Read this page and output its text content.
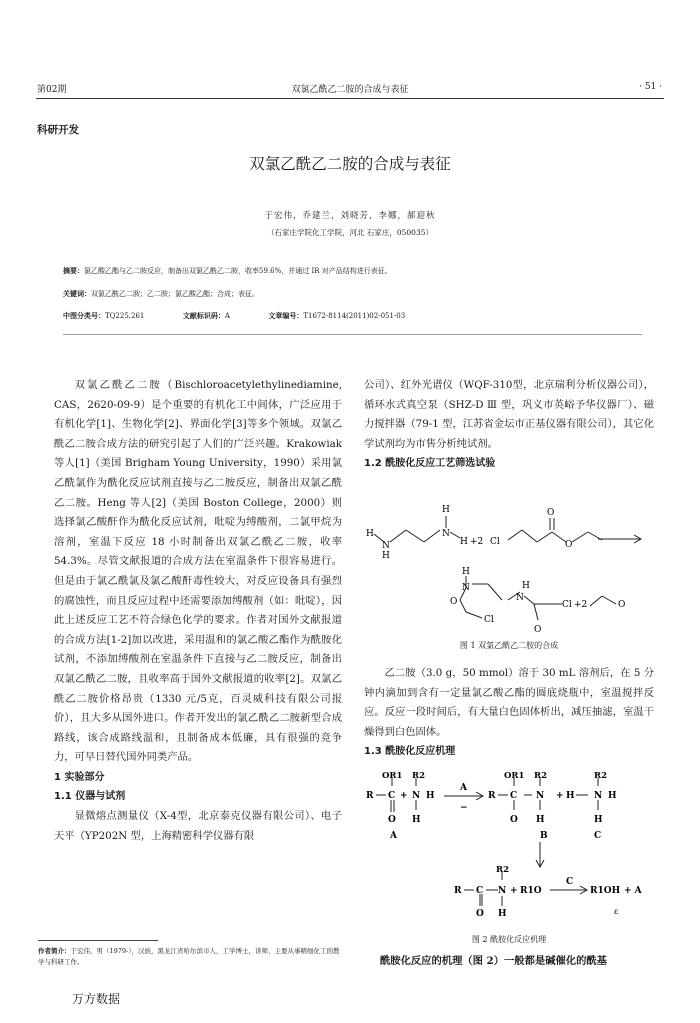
第02期	双氯乙酰乙二胺的合成与表征	· 51 ·
科研开发
双氯乙酰乙二胺的合成与表征
于宏伟，乔建兰，刘晓芳，李娜，郝迎秋
（石家庄学院化工学院，河北 石家庄，050035）
摘要：氯乙酸乙酯与乙二胺反应，制备出双氯乙酰乙二胺，收率59.6%，并通过 IR 对产品结构进行表征。
关键词：双氯乙酰乙二胺；乙二胺；氯乙酸乙酯；合成；表征。
中图分类号：TQ225.261	文献标识码：A	文章编号：T1672-8114(2011)02-051-03

双氯乙酰乙二胺（Bischloroacetylethylinediamine, CAS，2620-09-9）是个重要的有机化工中间体，广泛应用于有机化学[1]、生物化学[2]、界面化学[3]等多个领域。双氯乙酰乙二胺合成方法的研究引起了人们的广泛兴趣。Krakowiak 等人[1]（美国 Brigham Young University，1990）采用氯乙酰氯作为酰化反应试剂直接与乙二胺反应，制备出双氯乙酰乙二胺。Heng 等人[2]（美国 Boston College，2000）则选择氯乙酸酐作为酰化反应试剂，吡啶为缚酸剂，二氯甲烷为溶剂，室温下反应 18 小时制备出双氯乙酰乙二胺，收率 54.3%。尽管文献报道的合成方法在室温条件下很容易进行。但是由于氯乙酰氯及氯乙酸酐毒性较大，对反应设备具有强烈的腐蚀性，而且反应过程中还需要添加缚酸剂（如：吡啶），因此上述反应工艺不符合绿色化学的要求。作者对国外文献报道的合成方法[1-2]加以改进，采用温和的氯乙酸乙酯作为酰胺化试剂，不添加缚酸剂在室温条件下直接与乙二胺反应，制备出双氯乙酰乙二胺，且收率高于国外文献报道的收率[2]。双氯乙酰乙二胺价格昂贵（1330 元/5克，百灵威科技有限公司报价），且大多从国外进口。作者开发出的氯乙酰乙二胺新型合成路线，该合成路线温和，且制备成本低廉，具有很强的竞争力，可早日替代国外同类产品。

1 实验部分
1.1 仪器与试剂

显微熔点测量仪（X-4型，北京泰克仪器有限公司）、电子天平（YP202N 型，上海精密科学仪器有限

作者简介：于宏伟，男（1979-），汉族，黑龙江省哈尔滨市人，工学博士，讲师，主要从事精细化工的教学与科研工作。
万方数据

公司）、红外光谱仪（WQF-310型，北京瑞利分析仪器公司），循环水式真空泵（SHZ-D Ⅲ 型，巩义市英峪予华仪器厂）、磁力搅拌器（79-1 型，江苏省金坛市正基仪器有限公司），其它化学试剂均为市售分析纯试剂。

1.2 酰胺化反应工艺筛选试验
H
N
H
N
H
H +2 Cl
O
O
H
N
O
Cl
H
N
O
Cl +2	O
图 1 双氯乙酰乙二胺的合成

乙二胺（3.0 g，50 mmol）溶于 30 mL 溶剂后，在 5 分钟内滴加到含有一定量氯乙酸乙酯的圆底烧瓶中，室温搅拌反应。反应一段时间后，有大量白色固体析出，减压抽滤，室温干燥得到白色固体。

1.3 酰胺化反应机理
OR1 R2
R C + N H
O H
A
A
−
OR1 R2
R C N
O H
B
+ H
R2
N H
H
C
R2
R C N + R1O
C
R1OH + A
O H	ε
图 2 酰胺化反应机理
酰胺化反应的机理（图 2）一般都是碱催化的酰基
